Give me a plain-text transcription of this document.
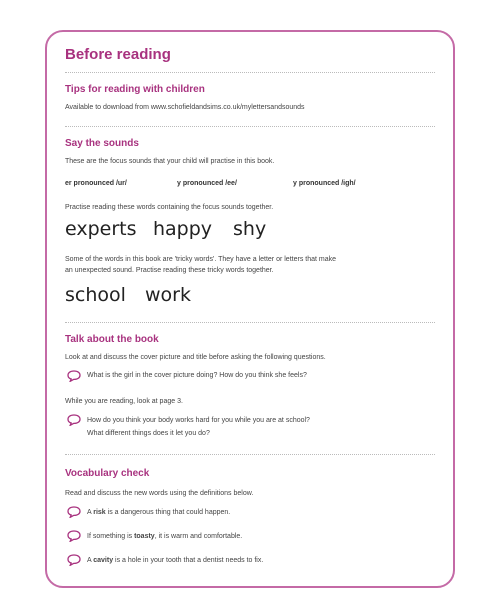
Before reading
Tips for reading with children
Available to download from www.schofieldandsims.co.uk/mylettersandsounds
Say the sounds
These are the focus sounds that your child will practise in this book.
er pronounced /ur/	y pronounced /ee/	y pronounced /igh/
Practise reading these words containing the focus sounds together.
experts happy shy
Some of the words in this book are 'tricky words'. They have a letter or letters that make
an unexpected sound. Practise reading these tricky words together.
school work
Talk about the book
Look at and discuss the cover picture and title before asking the following questions.
What is the girl in the cover picture doing? How do you think she feels?
While you are reading, look at page 3.
How do you think your body works hard for you while you are at school?
What different things does it let you do?
Vocabulary check
Read and discuss the new words using the definitions below.
A risk is a dangerous thing that could happen.
If something is toasty, it is warm and comfortable.
A cavity is a hole in your tooth that a dentist needs to fix.
